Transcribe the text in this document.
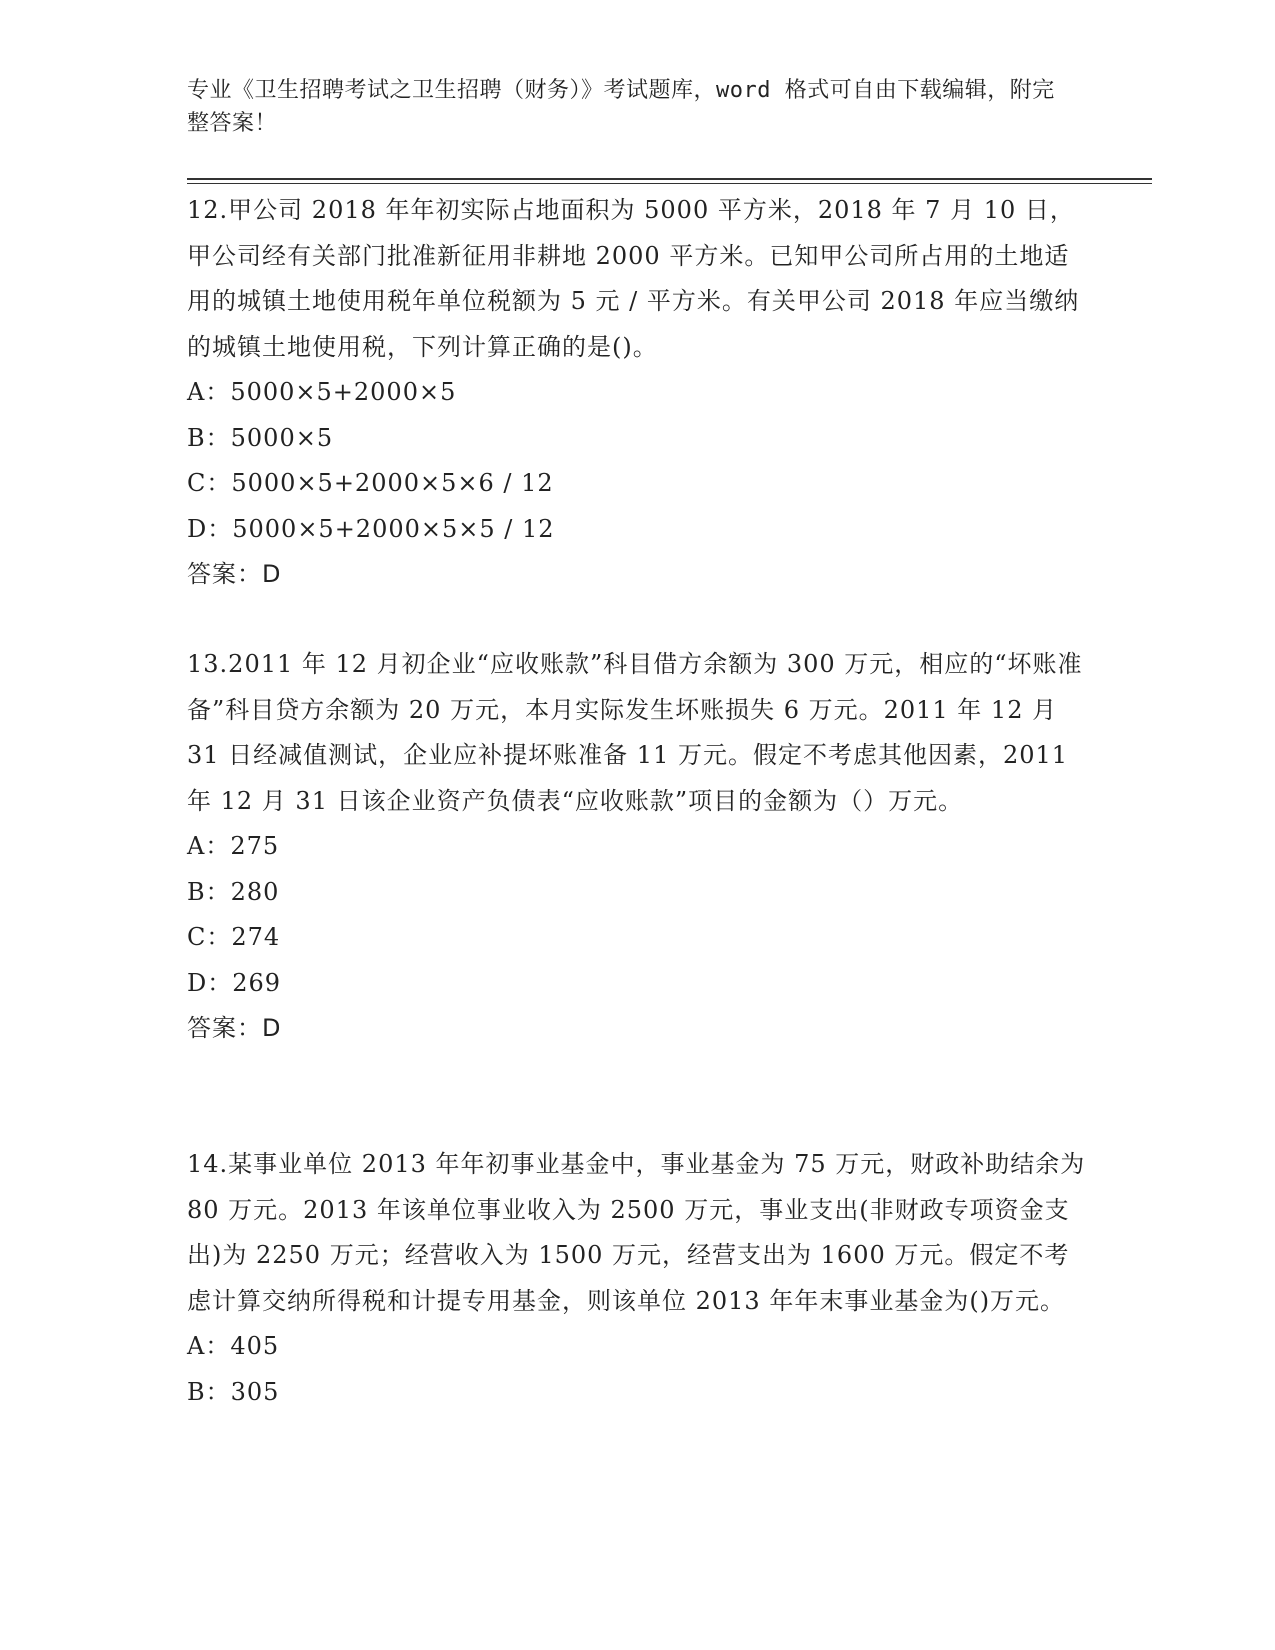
专业《卫生招聘考试之卫生招聘（财务）》考试题库，word 格式可自由下载编辑，附完整答案！
12.甲公司 2018 年年初实际占地面积为 5000 平方米，2018 年 7 月 10 日，甲公司经有关部门批准新征用非耕地 2000 平方米。已知甲公司所占用的土地适用的城镇土地使用税年单位税额为 5 元 / 平方米。有关甲公司 2018 年应当缴纳的城镇土地使用税，下列计算正确的是()。
A：5000×5+2000×5
B：5000×5
C：5000×5+2000×5×6 / 12
D：5000×5+2000×5×5 / 12
答案：D
13.2011 年 12 月初企业“应收账款”科目借方余额为 300 万元，相应的“坏账准备”科目贷方余额为 20 万元，本月实际发生坏账损失 6 万元。2011 年 12 月 31 日经减值测试，企业应补提坏账准备 11 万元。假定不考虑其他因素，2011 年 12 月 31 日该企业资产负债表“应收账款”项目的金额为（）万元。
A：275
B：280
C：274
D：269
答案：D
14.某事业单位 2013 年年初事业基金中，事业基金为 75 万元，财政补助结余为 80 万元。2013 年该单位事业收入为 2500 万元，事业支出(非财政专项资金支出)为 2250 万元；经营收入为 1500 万元，经营支出为 1600 万元。假定不考虑计算交纳所得税和计提专用基金，则该单位 2013 年年末事业基金为()万元。
A：405
B：305
